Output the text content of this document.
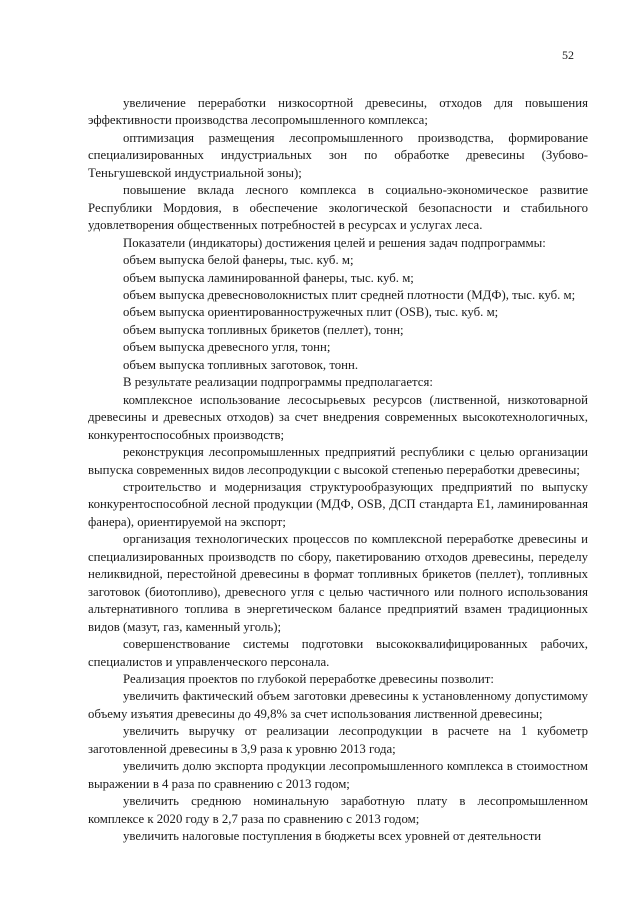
52

увеличение переработки низкосортной древесины, отходов для повышения эффективности производства лесопромышленного комплекса;

оптимизация размещения лесопромышленного производства, формирование специализированных индустриальных зон по обработке древесины (Зубово-Теньгушевской индустриальной зоны);

повышение вклада лесного комплекса в социально-экономическое развитие Республики Мордовия, в обеспечение экологической безопасности и стабильного удовлетворения общественных потребностей в ресурсах и услугах леса.

Показатели (индикаторы) достижения целей и решения задач подпрограммы:

объем выпуска белой фанеры, тыс. куб. м;

объем выпуска ламинированной фанеры, тыс. куб. м;

объем выпуска древесноволокнистых плит средней плотности (МДФ), тыс. куб. м;

объем выпуска ориентированностружечных плит (OSB), тыс. куб. м;

объем выпуска топливных брикетов (пеллет), тонн;

объем выпуска древесного угля, тонн;

объем выпуска топливных заготовок, тонн.

В результате реализации подпрограммы предполагается:

комплексное использование лесосырьевых ресурсов (лиственной, низкотоварной древесины и древесных отходов) за счет внедрения современных высокотехнологичных, конкурентоспособных производств;

реконструкция лесопромышленных предприятий республики с целью организации выпуска современных видов лесопродукции с высокой степенью переработки древесины;

строительство и модернизация структурообразующих предприятий по выпуску конкурентоспособной лесной продукции (МДФ, OSB, ДСП стандарта Е1, ламинированная фанера), ориентируемой на экспорт;

организация технологических процессов по комплексной переработке древесины и специализированных производств по сбору, пакетированию отходов древесины, переделу неликвидной, перестойной древесины в формат топливных брикетов (пеллет), топливных заготовок (биотопливо), древесного угля с целью частичного или полного использования альтернативного топлива в энергетическом балансе предприятий взамен традиционных видов (мазут, газ, каменный уголь);

совершенствование системы подготовки высококвалифицированных рабочих, специалистов и управленческого персонала.

Реализация проектов по глубокой переработке древесины позволит:

увеличить фактический объем заготовки древесины к установленному допустимому объему изъятия древесины до 49,8% за счет использования лиственной древесины;

увеличить выручку от реализации лесопродукции в расчете на 1 кубометр заготовленной древесины в 3,9 раза к уровню 2013 года;

увеличить долю экспорта продукции лесопромышленного комплекса в стоимостном выражении в 4 раза по сравнению с 2013 годом;

увеличить среднюю номинальную заработную плату в лесопромышленном комплексе к 2020 году в 2,7 раза по сравнению с 2013 годом;

увеличить налоговые поступления в бюджеты всех уровней от деятельности
